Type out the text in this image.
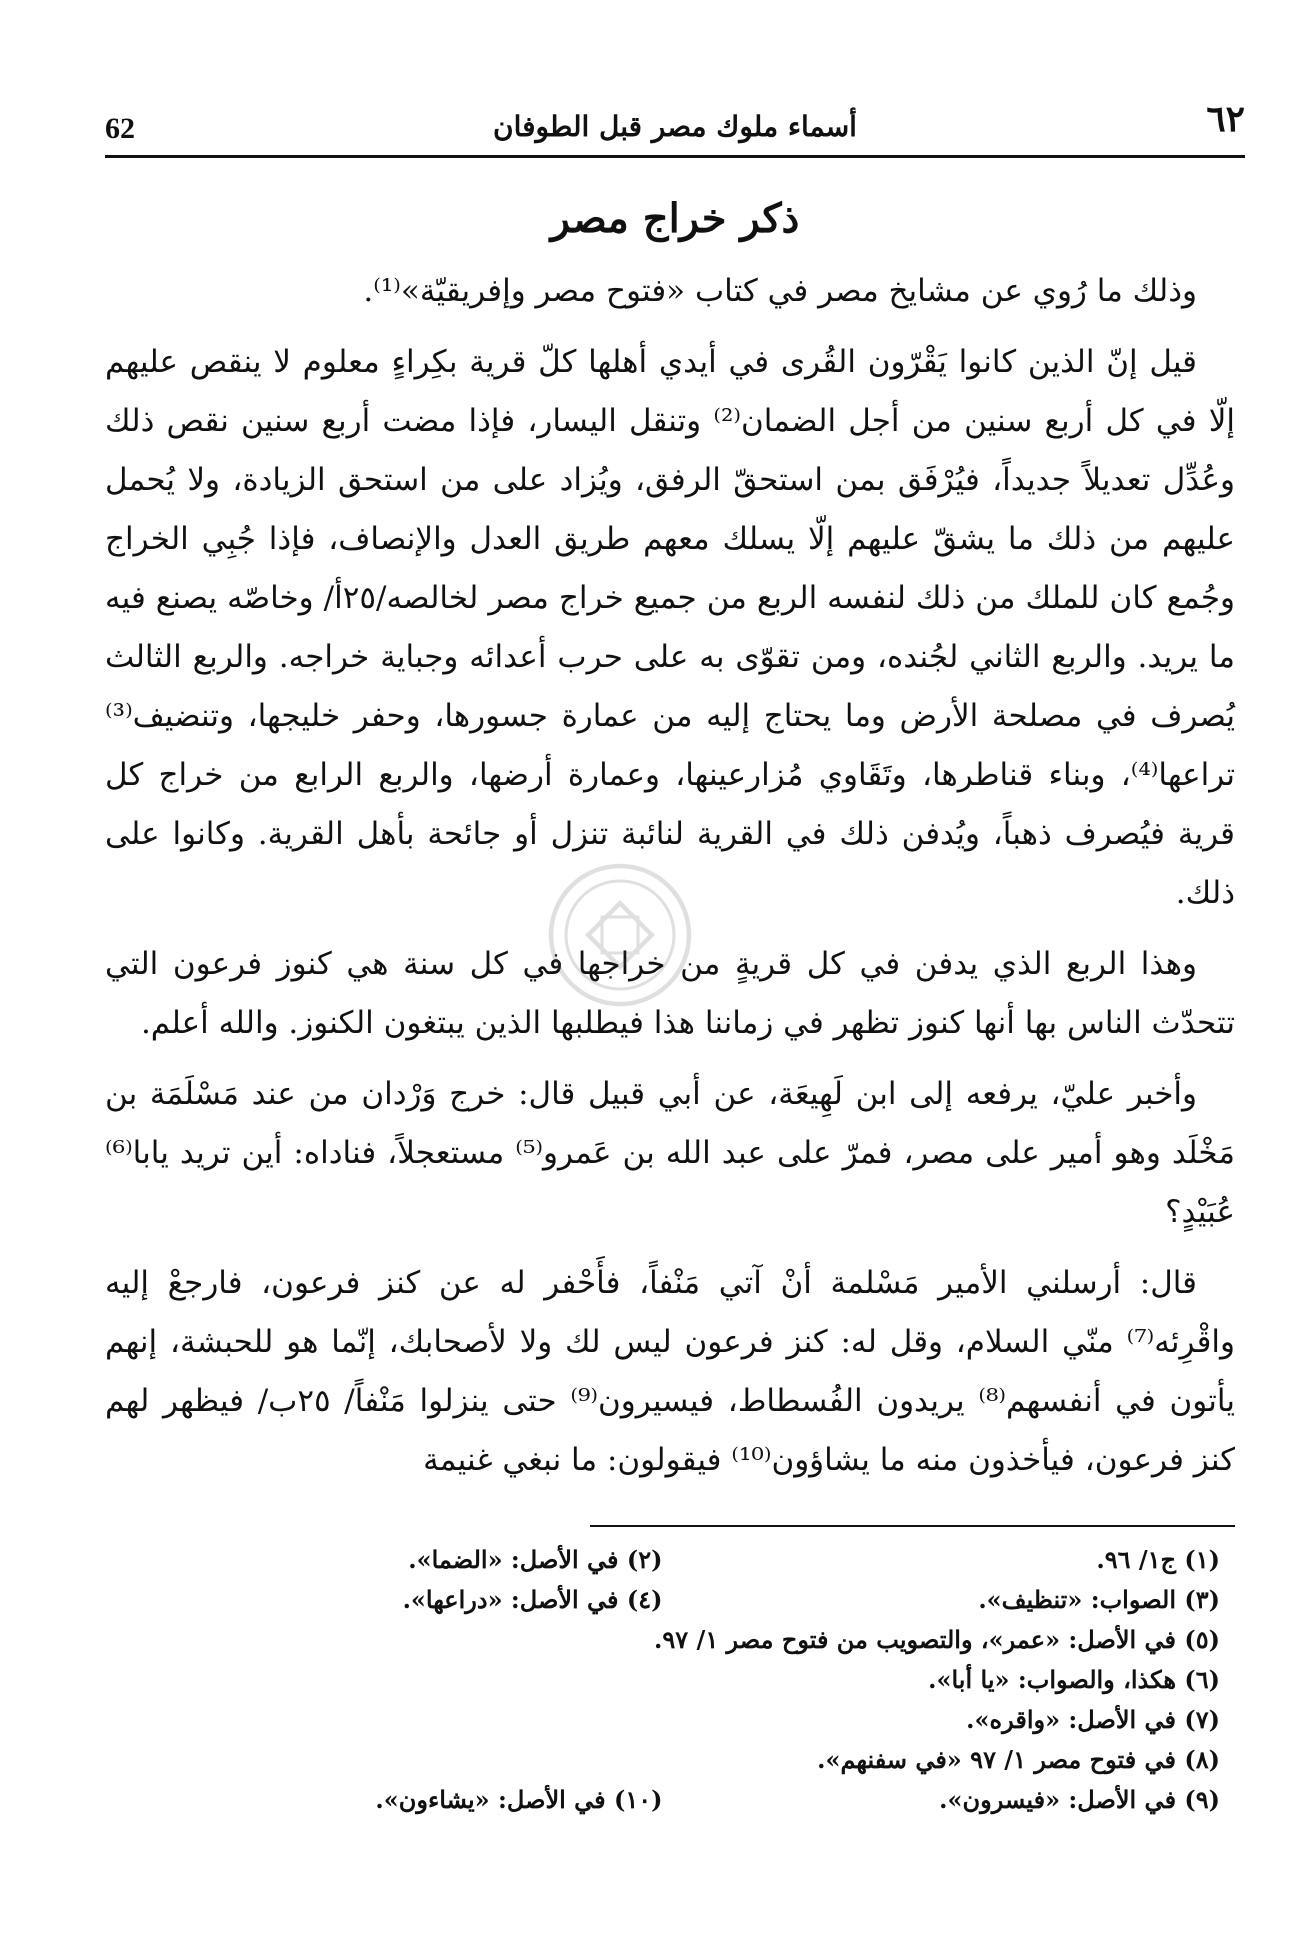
62	أسماء ملوك مصر قبل الطوفان	٦٢
ذكر خراج مصر

وذلك ما رُوي عن مشايخ مصر في كتاب «فتوح مصر وإفريقيّة»⁽¹⁾.

قيل إنّ الذين كانوا يَقْرّون القُرى في أيدي أهلها كلّ قرية بكِراءٍ معلوم لا ينقص عليهم إلّا في كل أربع سنين من أجل الضمان⁽²⁾ وتنقل اليسار، فإذا مضت أربع سنين نقص ذلك وعُدِّل تعديلاً جديداً، فيُرْفَق بمن استحقّ الرفق، ويُزاد على من استحق الزيادة، ولا يُحمل عليهم من ذلك ما يشقّ عليهم إلّا يسلك معهم طريق العدل والإنصاف، فإذا جُبِي الخراج وجُمع كان للملك من ذلك لنفسه الربع من جميع خراج مصر لخالصه/٢٥أ/ وخاصّه يصنع فيه ما يريد. والربع الثاني لجُنده، ومن تقوّى به على حرب أعدائه وجباية خراجه. والربع الثالث يُصرف في مصلحة الأرض وما يحتاج إليه من عمارة جسورها، وحفر خليجها، وتنضيف⁽³⁾ تراعها⁽⁴⁾، وبناء قناطرها، وتَقَاوي مُزارعينها، وعمارة أرضها، والربع الرابع من خراج كل قرية فيُصرف ذهباً، ويُدفن ذلك في القرية لنائبة تنزل أو جائحة بأهل القرية. وكانوا على ذلك.

وهذا الربع الذي يدفن في كل قريةٍ من خراجها في كل سنة هي كنوز فرعون التي تتحدّث الناس بها أنها كنوز تظهر في زماننا هذا فيطلبها الذين يبتغون الكنوز. والله أعلم.

وأخبر عليّ، يرفعه إلى ابن لَهِيعَة، عن أبي قبيل قال: خرج وَرْدان من عند مَسْلَمَة بن مَخْلَد وهو أمير على مصر، فمرّ على عبد الله بن عَمرو⁽⁵⁾ مستعجلاً، فناداه: أين تريد يابا⁽⁶⁾ عُبَيْدٍ؟

قال: أرسلني الأمير مَسْلمة أنْ آتي مَنْفاً، فأَحْفر له عن كنز فرعون، فارجعْ إليه واقْرِئه⁽⁷⁾ منّي السلام، وقل له: كنز فرعون ليس لك ولا لأصحابك، إنّما هو للحبشة، إنهم يأتون في أنفسهم⁽⁸⁾ يريدون الفُسطاط، فيسيرون⁽⁹⁾ حتى ينزلوا مَنْفاً/ ٢٥ب/ فيظهر لهم كنز فرعون، فيأخذون منه ما يشاؤون⁽¹⁰⁾ فيقولون: ما نبغي غنيمة

(١) ج١/ ٩٦.
(٢) في الأصل: «الضما».
(٣) الصواب: «تنظيف».
(٤) في الأصل: «دراعها».
(٥) في الأصل: «عمر»، والتصويب من فتوح مصر ١/ ٩٧.
(٦) هكذا، والصواب: «يا أبا».
(٧) في الأصل: «واقره».
(٨) في فتوح مصر ١/ ٩٧ «في سفنهم».
(٩) في الأصل: «فيسرون».
(١٠) في الأصل: «يشاءون».
